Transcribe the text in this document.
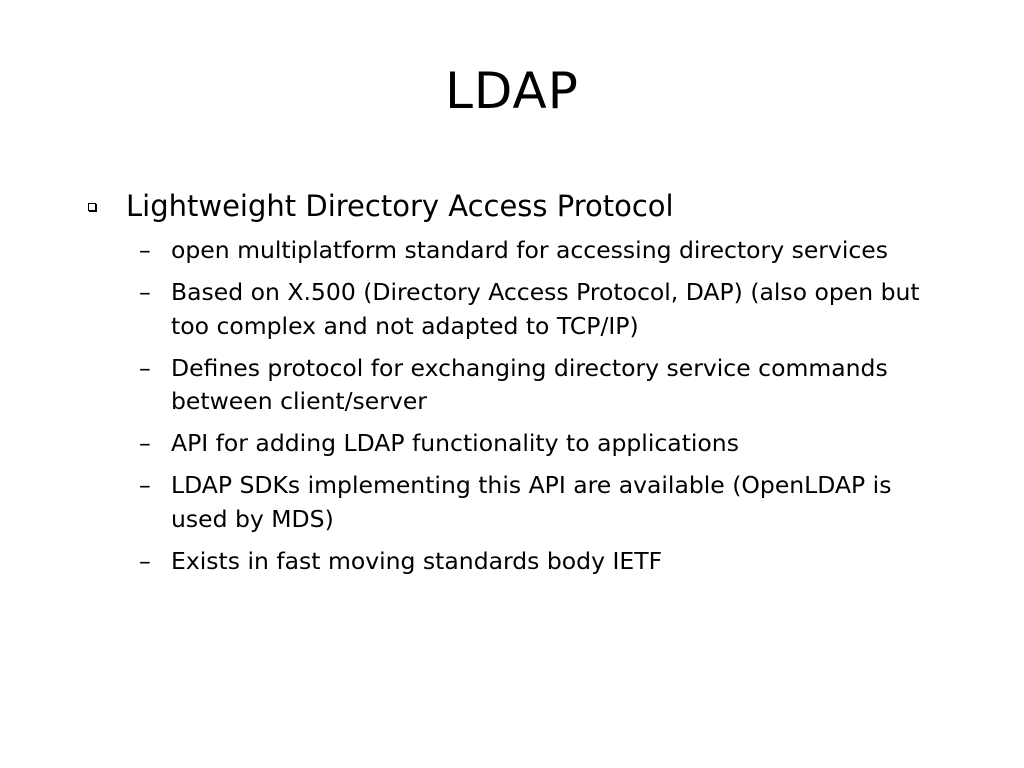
LDAP
Lightweight Directory Access Protocol
– open multiplatform standard for accessing directory services
– Based on X.500 (Directory Access Protocol, DAP) (also open but too complex and not adapted to TCP/IP)
– Defines protocol for exchanging directory service commands between client/server
– API for adding LDAP functionality to applications
– LDAP SDKs implementing this API are available (OpenLDAP is used by MDS)
– Exists in fast moving standards body IETF
